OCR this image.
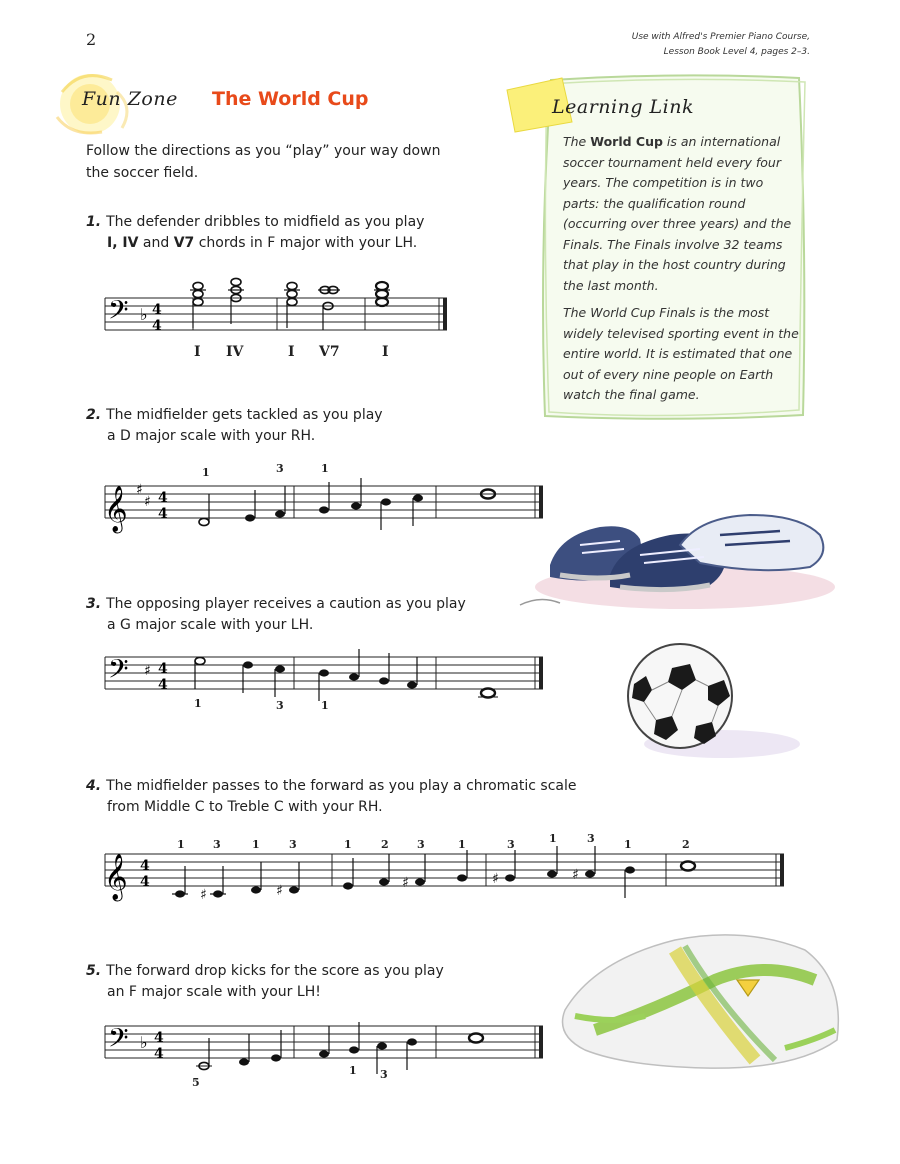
2	Use with Alfred's Premier Piano Course,
Lesson Book Level 4, pages 2–3.
Fun Zone The World Cup
Follow the directions as you “play” your way down the soccer field.
Learning Link
The World Cup is an international soccer tournament held every four years. The competition is in two parts: the qualification round (occurring over three years) and the Finals. The Finals involve 32 teams that play in the host country during the last month.
The World Cup Finals is the most widely televised sporting event in the entire world. It is estimated that one out of every nine people on Earth watch the final game.
1. The defender dribbles to midfield as you play
I, IV and V7 chords in F major with your LH.
𝄢 ♭ 4
4
I IV	I V7	I
2. The midfielder gets tackled as you play
a D major scale with your RH.
𝄞 ♯
♯ 4
4
1	3	1
3. The opposing player receives a caution as you play
a G major scale with your LH.
𝄢 ♯ 4
4
1	3	1
4. The midfielder passes to the forward as you play a chromatic scale
from Middle C to Treble C with your RH.
𝄞 4
4
♯	♯	♯	♯	♯
1	3	1	3	1	2	3	1	3	1	3	1	2
5. The forward drop kicks for the score as you play
an F major scale with your LH!
𝄢 ♭ 4
4
5
1 3
